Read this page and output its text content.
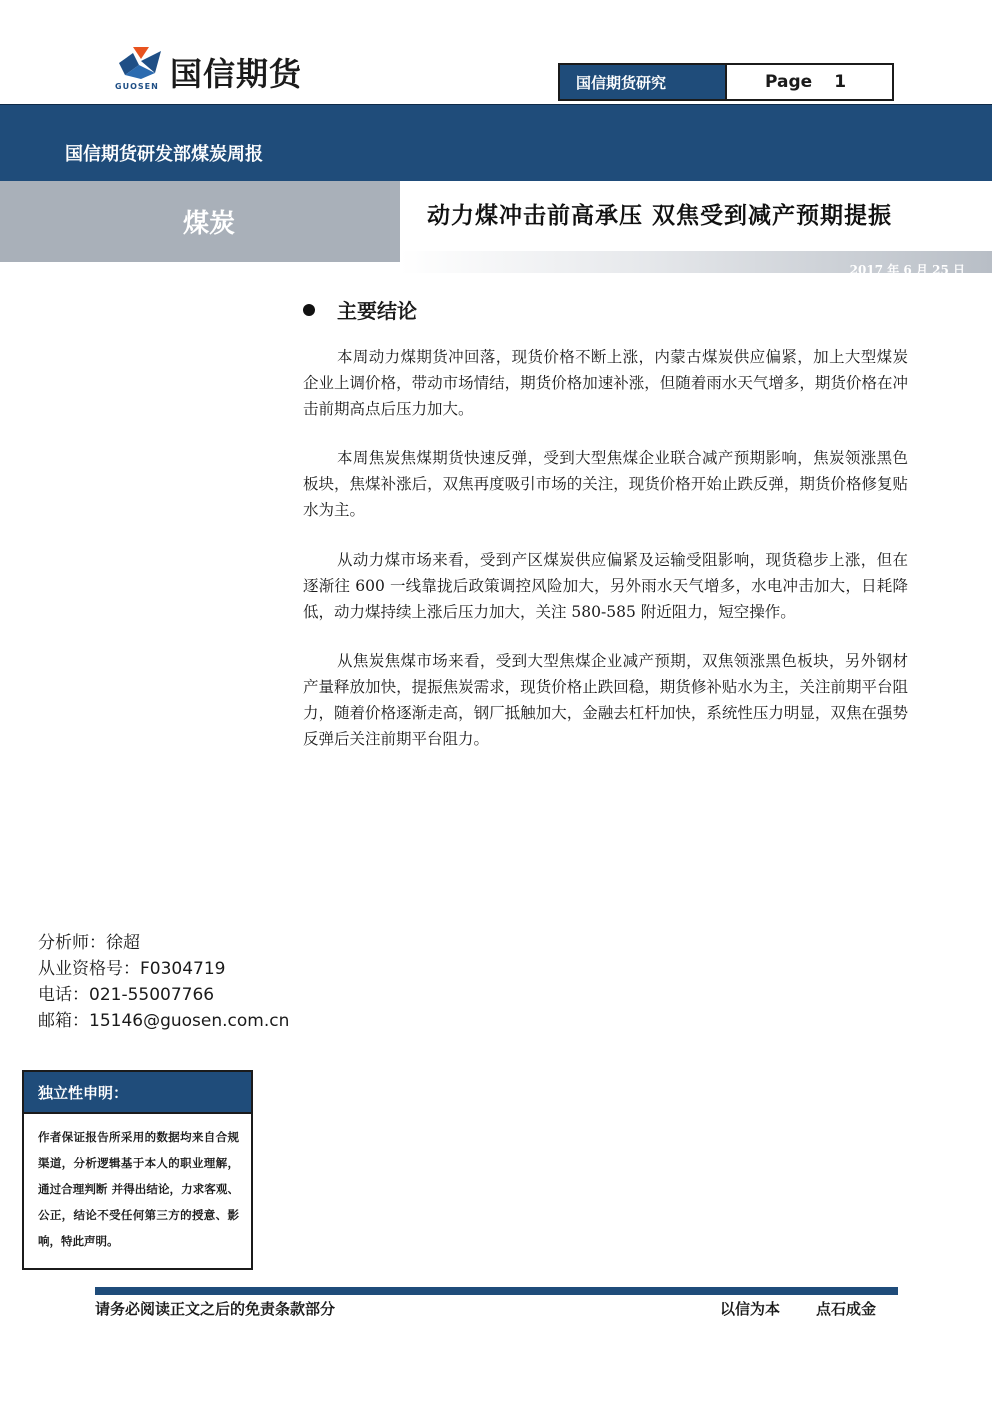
国信期货
GUOSEN	国信期货研究	Page 1
国信期货研发部煤炭周报
煤炭	动力煤冲击前高承压 双焦受到减产预期提振
2017 年 6 月 25 日
主要结论

本周动力煤期货冲回落，现货价格不断上涨，内蒙古煤炭供应偏紧，加上大型煤炭企业上调价格，带动市场情结，期货价格加速补涨，但随着雨水天气增多，期货价格在冲击前期高点后压力加大。

本周焦炭焦煤期货快速反弹，受到大型焦煤企业联合减产预期影响，焦炭领涨黑色板块，焦煤补涨后，双焦再度吸引市场的关注，现货价格开始止跌反弹，期货价格修复贴水为主。

从动力煤市场来看，受到产区煤炭供应偏紧及运输受阻影响，现货稳步上涨，但在逐渐往 600 一线靠拢后政策调控风险加大，另外雨水天气增多，水电冲击加大，日耗降低，动力煤持续上涨后压力加大，关注 580-585 附近阻力，短空操作。

从焦炭焦煤市场来看，受到大型焦煤企业减产预期，双焦领涨黑色板块，另外钢材产量释放加快，提振焦炭需求，现货价格止跌回稳，期货修补贴水为主，关注前期平台阻力，随着价格逐渐走高，钢厂抵触加大，金融去杠杆加快，系统性压力明显，双焦在强势反弹后关注前期平台阻力。

分析师：徐超
从业资格号：F0304719
电话：021-55007766
邮箱：15146@guosen.com.cn
独立性申明：
作者保证报告所采用的数据均来自合规渠道，分析逻辑基于本人的职业理解，通过合理判断 并得出结论，力求客观、公正，结论不受任何第三方的授意、影响，特此声明。
请务必阅读正文之后的免责条款部分	以信为本 点石成金
